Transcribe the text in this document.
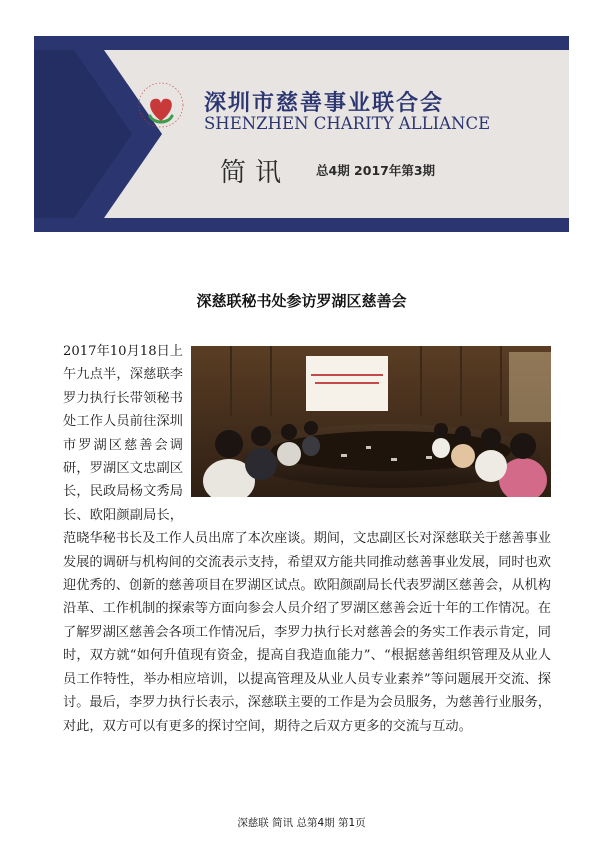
深圳市慈善事业联合会
SHENZHEN CHARITY ALLIANCE
简讯 总4期 2017年第3期
深慈联秘书处参访罗湖区慈善会
2017年10月18日上午九点半，深慈联李罗力执行长带领秘书处工作人员前往深圳市罗湖区慈善会调研，罗湖区文忠副区长，民政局杨文秀局长、欧阳颜副局长，范晓华秘书长及工作人员出席了本次座谈。期间，文忠副区长对深慈联关于慈善事业发展的调研与机构间的交流表示支持，希望双方能共同推动慈善事业发展，同时也欢迎优秀的、创新的慈善项目在罗湖区试点。欧阳颜副局长代表罗湖区慈善会，从机构沿革、工作机制的探索等方面向参会人员介绍了罗湖区慈善会近十年的工作情况。在了解罗湖区慈善会各项工作情况后，李罗力执行长对慈善会的务实工作表示肯定，同时，双方就“如何升值现有资金，提高自我造血能力”、“根据慈善组织管理及从业人员工作特性，举办相应培训，以提高管理及从业人员专业素养”等问题展开交流、探讨。最后，李罗力执行长表示，深慈联主要的工作是为会员服务，为慈善行业服务，对此，双方可以有更多的探讨空间，期待之后双方更多的交流与互动。
深慈联 简讯 总第4期 第1页
